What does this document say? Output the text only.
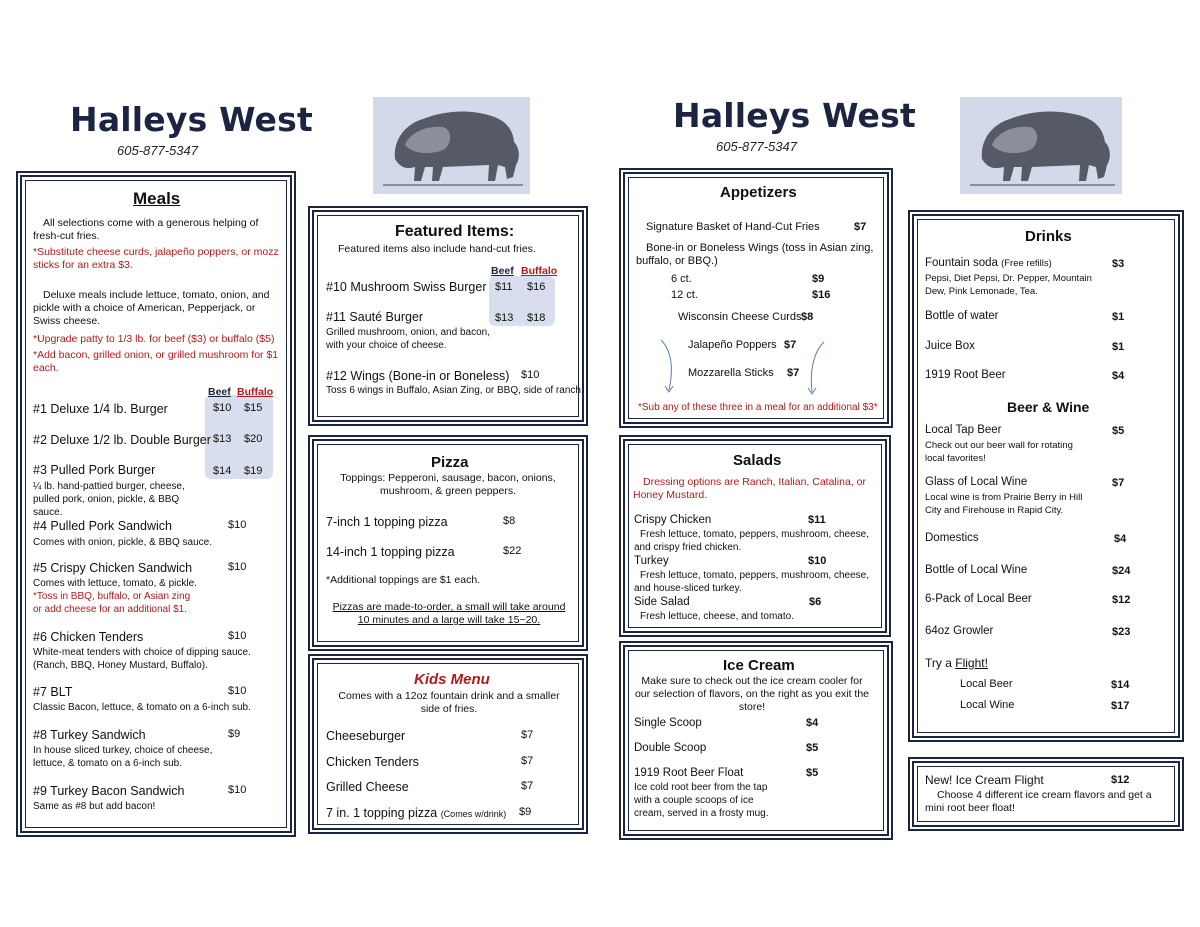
Halleys West
605-877-5347
Meals
All selections come with a generous helping of fresh-cut fries.
*Substitute cheese curds, jalapeño poppers, or mozz sticks for an extra $3.
Deluxe meals include lettuce, tomato, onion, and pickle with a choice of American, Pepperjack, or Swiss cheese.
*Upgrade patty to 1/3 lb. for beef ($3) or buffalo ($5)
*Add bacon, grilled onion, or grilled mushroom for $1 each.
Beef Buffalo
#1 Deluxe 1/4 lb. Burger	$10 $15
#2 Deluxe 1/2 lb. Double Burger $13 $20
#3 Pulled Pork Burger	$14 $19
¼ lb. hand-pattied burger, cheese, pulled pork, onion, pickle, & BBQ sauce.
#4 Pulled Pork Sandwich	$10
Comes with onion, pickle, & BBQ sauce.
#5 Crispy Chicken Sandwich	$10
Comes with lettuce, tomato, & pickle.
*Toss in BBQ, buffalo, or Asian zing or add cheese for an additional $1.
#6 Chicken Tenders	$10
White-meat tenders with choice of dipping sauce. (Ranch, BBQ, Honey Mustard, Buffalo).
#7 BLT	$10
Classic Bacon, lettuce, & tomato on a 6-inch sub.
#8 Turkey Sandwich	$9
In house sliced turkey, choice of cheese, lettuce, & tomato on a 6-inch sub.
#9 Turkey Bacon Sandwich	$10
Same as #8 but add bacon!
Featured Items:
Featured items also include hand-cut fries.
Beef Buffalo
#10 Mushroom Swiss Burger $11 $16
#11 Sauté Burger	$13 $18
Grilled mushroom, onion, and bacon, with your choice of cheese.
#12 Wings (Bone-in or Boneless) $10
Toss 6 wings in Buffalo, Asian Zing, or BBQ, side of ranch.
Pizza
Toppings: Pepperoni, sausage, bacon, onions, mushroom, & green peppers.
7-inch 1 topping pizza	$8
14-inch 1 topping pizza	$22
*Additional toppings are $1 each.
Pizzas are made-to-order, a small will take around 10 minutes and a large will take 15~20.
Kids Menu
Comes with a 12oz fountain drink and a smaller side of fries.
Cheeseburger	$7
Chicken Tenders	$7
Grilled Cheese	$7
7 in. 1 topping pizza (Comes w/drink) $9
Halleys West
605-877-5347
Appetizers
Signature Basket of Hand-Cut Fries	$7
Bone-in or Boneless Wings (toss in Asian zing, buffalo, or BBQ.)
6 ct.	$9
12 ct.	$16
Wisconsin Cheese Curds $8
Jalapeño Poppers $7
Mozzarella Sticks $7
*Sub any of these three in a meal for an additional $3*
Salads
Dressing options are Ranch, Italian, Catalina, or Honey Mustard.
Crispy Chicken	$11
Fresh lettuce, tomato, peppers, mushroom, cheese, and crispy fried chicken.
Turkey	$10
Fresh lettuce, tomato, peppers, mushroom, cheese, and house-sliced turkey.
Side Salad	$6
Fresh lettuce, cheese, and tomato.
Ice Cream
Make sure to check out the ice cream cooler for our selection of flavors, on the right as you exit the store!
Single Scoop	$4
Double Scoop	$5
1919 Root Beer Float	$5
Ice cold root beer from the tap with a couple scoops of ice cream, served in a frosty mug.
Drinks
Fountain soda (Free refills)	$3
Pepsi, Diet Pepsi, Dr. Pepper, Mountain Dew, Pink Lemonade, Tea.
Bottle of water	$1
Juice Box	$1
1919 Root Beer	$4
Beer & Wine
Local Tap Beer	$5
Check out our beer wall for rotating local favorites!
Glass of Local Wine	$7
Local wine is from Prairie Berry in Hill City and Firehouse in Rapid City.
Domestics	$4
Bottle of Local Wine	$24
6-Pack of Local Beer	$12
64oz Growler	$23
Try a Flight!
Local Beer	$14
Local Wine	$17
New! Ice Cream Flight	$12
Choose 4 different ice cream flavors and get a mini root beer float!
